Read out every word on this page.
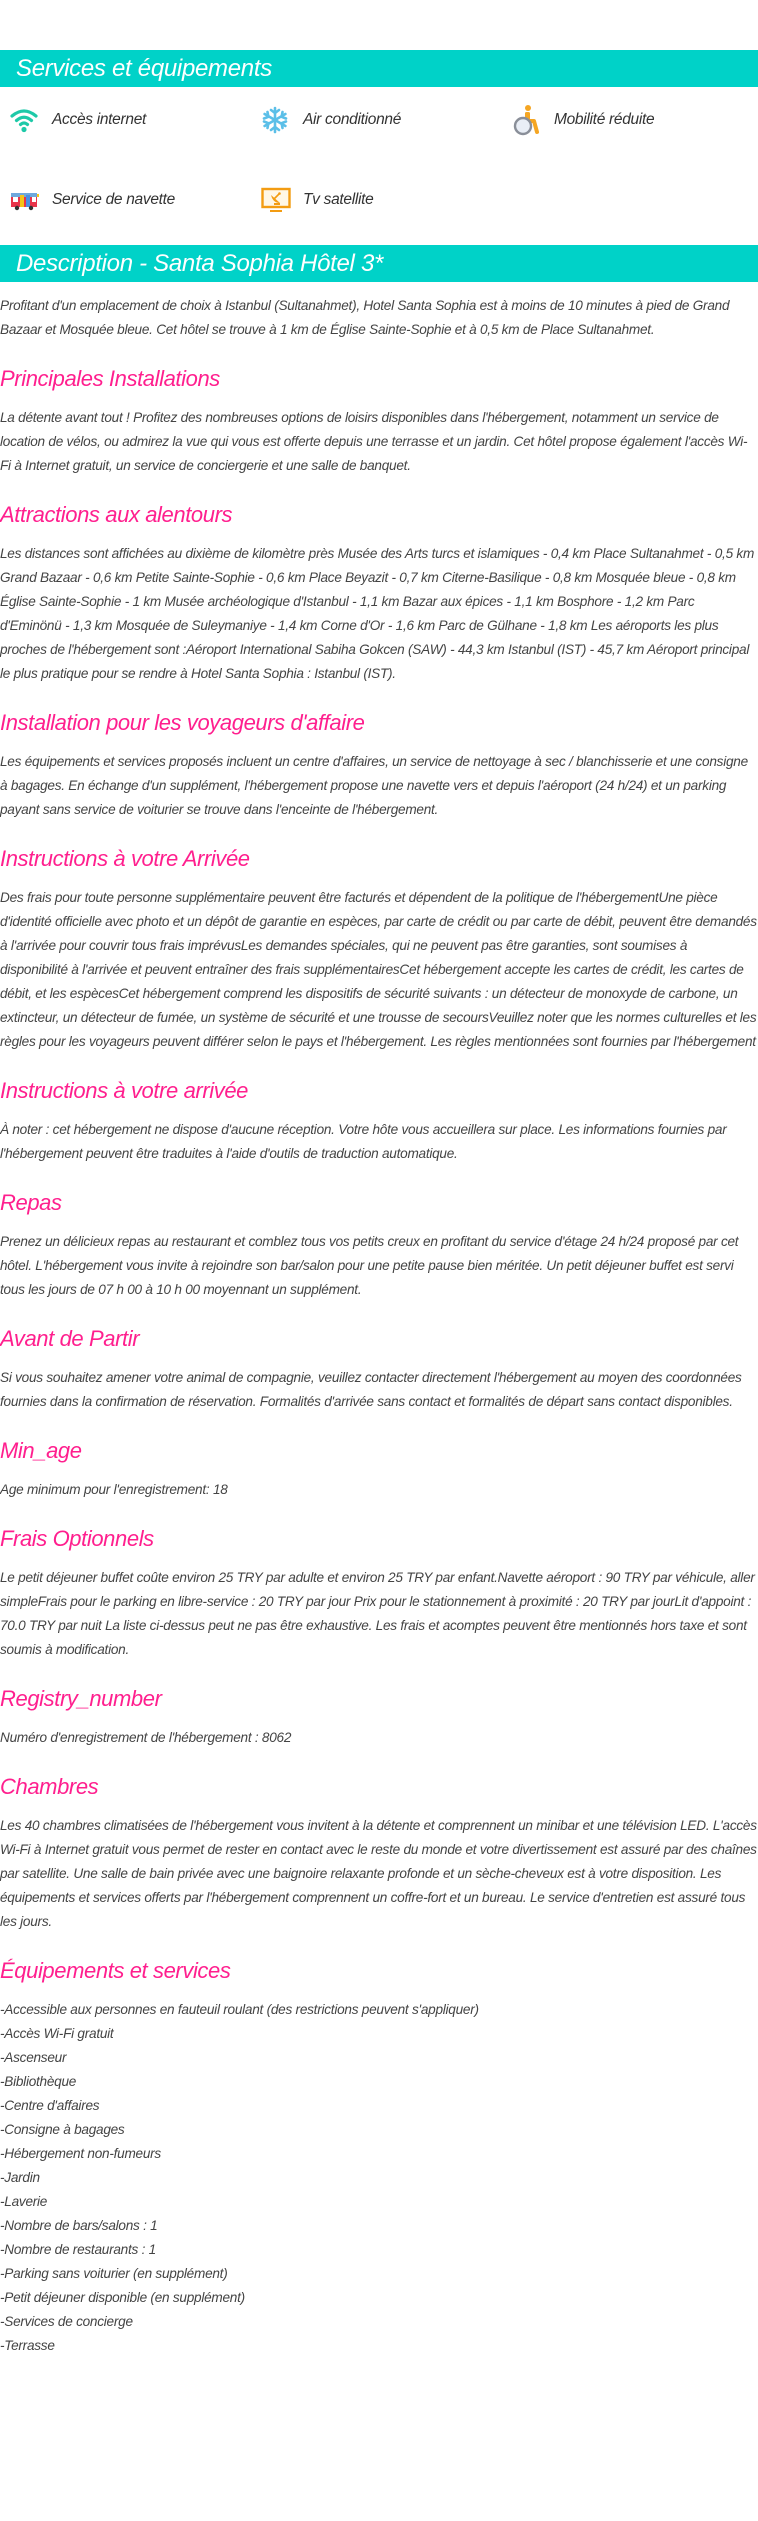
Services et équipements
Accès internet	Air conditionné	Mobilité réduite
Service de navette	Tv satellite
Description - Santa Sophia Hôtel 3*

Profitant d'un emplacement de choix à Istanbul (Sultanahmet), Hotel Santa Sophia est à moins de 10 minutes à pied de Grand Bazaar et Mosquée bleue. Cet hôtel se trouve à 1 km de Église Sainte-Sophie et à 0,5 km de Place Sultanahmet.

Principales Installations

La détente avant tout ! Profitez des nombreuses options de loisirs disponibles dans l'hébergement, notamment un service de location de vélos, ou admirez la vue qui vous est offerte depuis une terrasse et un jardin. Cet hôtel propose également l'accès Wi-Fi à Internet gratuit, un service de conciergerie et une salle de banquet.

Attractions aux alentours

Les distances sont affichées au dixième de kilomètre près Musée des Arts turcs et islamiques - 0,4 km Place Sultanahmet - 0,5 km Grand Bazaar - 0,6 km Petite Sainte-Sophie - 0,6 km Place Beyazit - 0,7 km Citerne-Basilique - 0,8 km Mosquée bleue - 0,8 km Église Sainte-Sophie - 1 km Musée archéologique d'Istanbul - 1,1 km Bazar aux épices - 1,1 km Bosphore - 1,2 km Parc d'Eminönü - 1,3 km Mosquée de Suleymaniye - 1,4 km Corne d'Or - 1,6 km Parc de Gülhane - 1,8 km Les aéroports les plus proches de l'hébergement sont :Aéroport International Sabiha Gokcen (SAW) - 44,3 km Istanbul (IST) - 45,7 km Aéroport principal le plus pratique pour se rendre à Hotel Santa Sophia : Istanbul (IST).

Installation pour les voyageurs d'affaire

Les équipements et services proposés incluent un centre d'affaires, un service de nettoyage à sec / blanchisserie et une consigne à bagages. En échange d'un supplément, l'hébergement propose une navette vers et depuis l'aéroport (24 h/24) et un parking payant sans service de voiturier se trouve dans l'enceinte de l'hébergement.

Instructions à votre Arrivée

Des frais pour toute personne supplémentaire peuvent être facturés et dépendent de la politique de l'hébergementUne pièce d'identité officielle avec photo et un dépôt de garantie en espèces, par carte de crédit ou par carte de débit, peuvent être demandés à l'arrivée pour couvrir tous frais imprévusLes demandes spéciales, qui ne peuvent pas être garanties, sont soumises à disponibilité à l'arrivée et peuvent entraîner des frais supplémentairesCet hébergement accepte les cartes de crédit, les cartes de débit, et les espècesCet hébergement comprend les dispositifs de sécurité suivants : un détecteur de monoxyde de carbone, un extincteur, un détecteur de fumée, un système de sécurité et une trousse de secoursVeuillez noter que les normes culturelles et les règles pour les voyageurs peuvent différer selon le pays et l'hébergement. Les règles mentionnées sont fournies par l'hébergement

Instructions à votre arrivée

À noter : cet hébergement ne dispose d'aucune réception. Votre hôte vous accueillera sur place. Les informations fournies par l'hébergement peuvent être traduites à l'aide d'outils de traduction automatique.

Repas

Prenez un délicieux repas au restaurant et comblez tous vos petits creux en profitant du service d'étage 24 h/24 proposé par cet hôtel. L'hébergement vous invite à rejoindre son bar/salon pour une petite pause bien méritée. Un petit déjeuner buffet est servi tous les jours de 07 h 00 à 10 h 00 moyennant un supplément.

Avant de Partir

Si vous souhaitez amener votre animal de compagnie, veuillez contacter directement l'hébergement au moyen des coordonnées fournies dans la confirmation de réservation. Formalités d'arrivée sans contact et formalités de départ sans contact disponibles.

Min_age

Age minimum pour l'enregistrement: 18

Frais Optionnels

Le petit déjeuner buffet coûte environ 25 TRY par adulte et environ 25 TRY par enfant.Navette aéroport : 90 TRY par véhicule, aller simpleFrais pour le parking en libre-service : 20 TRY par jour Prix pour le stationnement à proximité : 20 TRY par jourLit d'appoint : 70.0 TRY par nuit La liste ci-dessus peut ne pas être exhaustive. Les frais et acomptes peuvent être mentionnés hors taxe et sont soumis à modification.

Registry_number

Numéro d'enregistrement de l'hébergement : 8062

Chambres

Les 40 chambres climatisées de l'hébergement vous invitent à la détente et comprennent un minibar et une télévision LED. L'accès Wi-Fi à Internet gratuit vous permet de rester en contact avec le reste du monde et votre divertissement est assuré par des chaînes par satellite. Une salle de bain privée avec une baignoire relaxante profonde et un sèche-cheveux est à votre disposition. Les équipements et services offerts par l'hébergement comprennent un coffre-fort et un bureau. Le service d'entretien est assuré tous les jours.

Équipements et services
-Accessible aux personnes en fauteuil roulant (des restrictions peuvent s'appliquer)
-Accès Wi-Fi gratuit
-Ascenseur
-Bibliothèque
-Centre d'affaires
-Consigne à bagages
-Hébergement non-fumeurs
-Jardin
-Laverie
-Nombre de bars/salons : 1
-Nombre de restaurants : 1
-Parking sans voiturier (en supplément)
-Petit déjeuner disponible (en supplément)
-Services de concierge
-Terrasse
